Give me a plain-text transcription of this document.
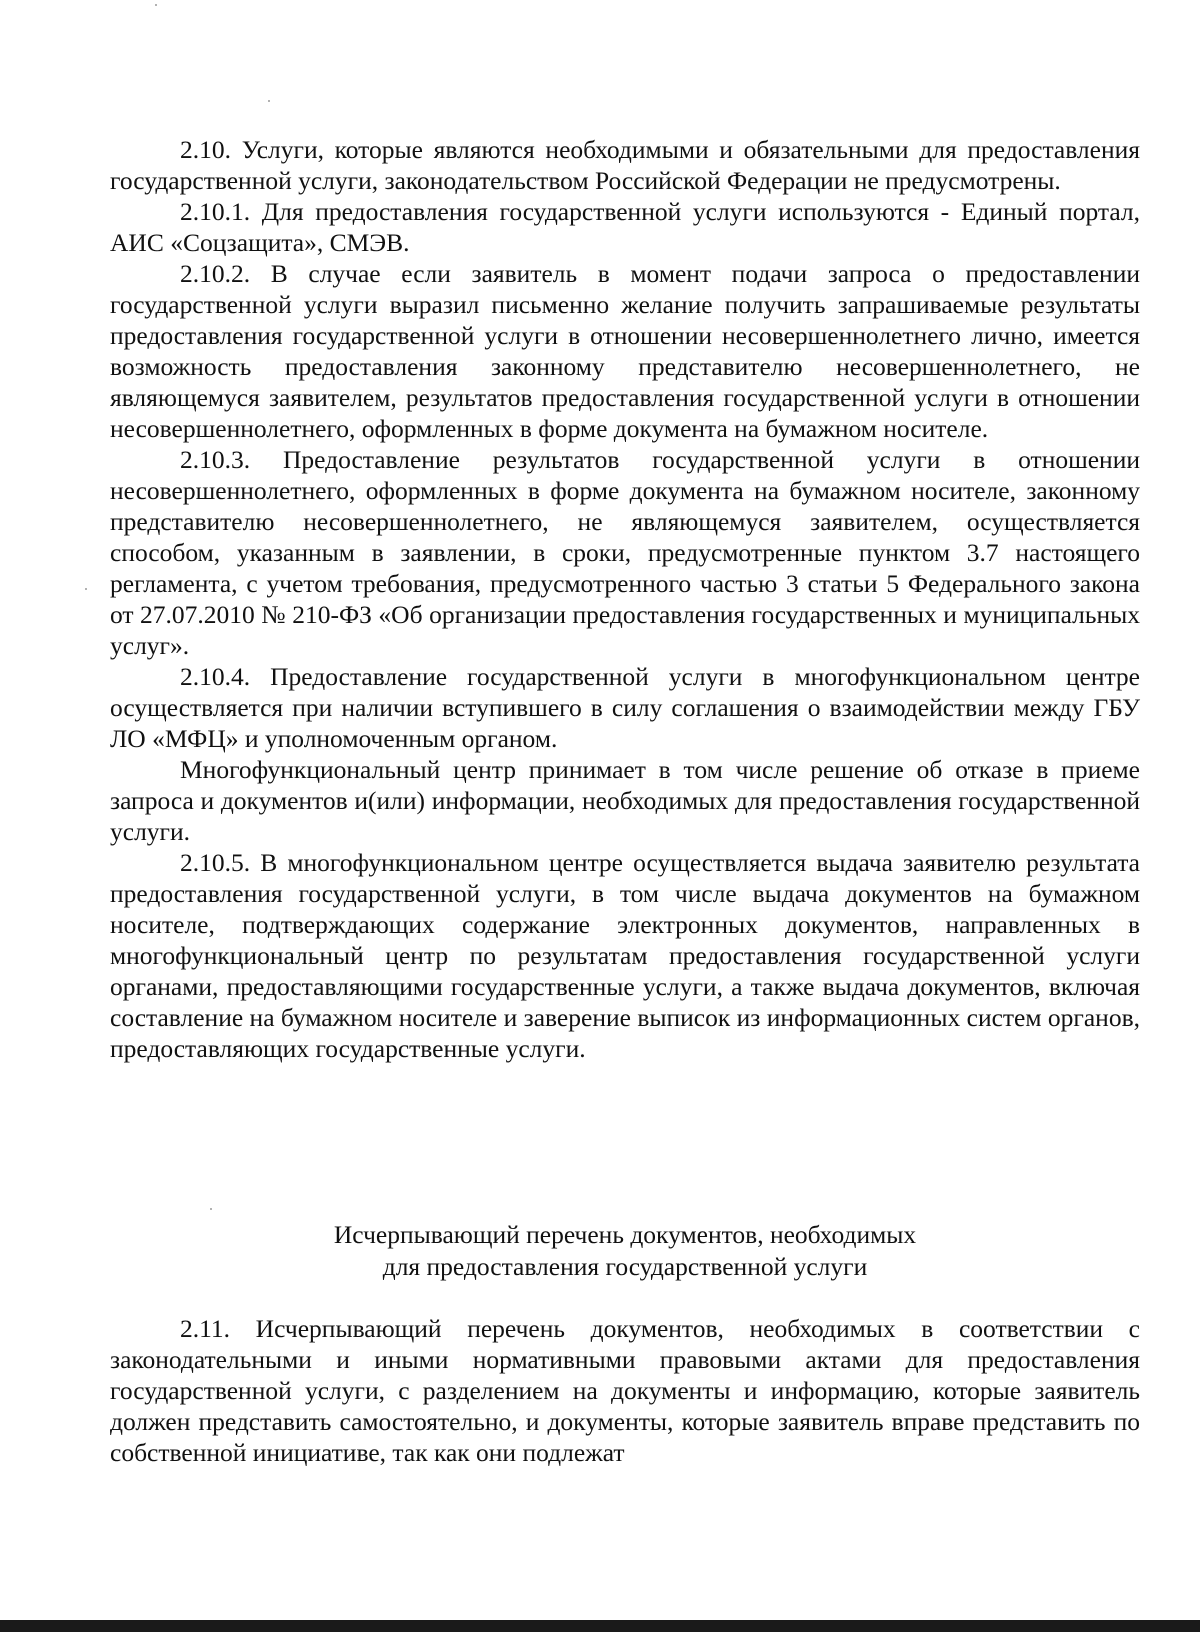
2.10. Услуги, которые являются необходимыми и обязательными для предоставления государственной услуги, законодательством Российской Федерации не предусмотрены.

2.10.1. Для предоставления государственной услуги используются - Единый портал, АИС «Соцзащита», СМЭВ.

2.10.2. В случае если заявитель в момент подачи запроса о предоставлении государственной услуги выразил письменно желание получить запрашиваемые результаты предоставления государственной услуги в отношении несовершеннолетнего лично, имеется возможность предоставления законному представителю несовершеннолетнего, не являющемуся заявителем, результатов предоставления государственной услуги в отношении несовершеннолетнего, оформленных в форме документа на бумажном носителе.

2.10.3. Предоставление результатов государственной услуги в отношении несовершеннолетнего, оформленных в форме документа на бумажном носителе, законному представителю несовершеннолетнего, не являющемуся заявителем, осуществляется способом, указанным в заявлении, в сроки, предусмотренные пунктом 3.7 настоящего регламента, с учетом требования, предусмотренного частью 3 статьи 5 Федерального закона от 27.07.2010 № 210-ФЗ «Об организации предоставления государственных и муниципальных услуг».

2.10.4. Предоставление государственной услуги в многофункциональном центре осуществляется при наличии вступившего в силу соглашения о взаимодействии между ГБУ ЛО «МФЦ» и уполномоченным органом.

Многофункциональный центр принимает в том числе решение об отказе в приеме запроса и документов и(или) информации, необходимых для предоставления государственной услуги.

2.10.5. В многофункциональном центре осуществляется выдача заявителю результата предоставления государственной услуги, в том числе выдача документов на бумажном носителе, подтверждающих содержание электронных документов, направленных в многофункциональный центр по результатам предоставления государственной услуги органами, предоставляющими государственные услуги, а также выдача документов, включая составление на бумажном носителе и заверение выписок из информационных систем органов, предоставляющих государственные услуги.

Исчерпывающий перечень документов, необходимых
для предоставления государственной услуги

2.11. Исчерпывающий перечень документов, необходимых в соответствии с законодательными и иными нормативными правовыми актами для предоставления государственной услуги, с разделением на документы и информацию, которые заявитель должен представить самостоятельно, и документы, которые заявитель вправе представить по собственной инициативе, так как они подлежат
